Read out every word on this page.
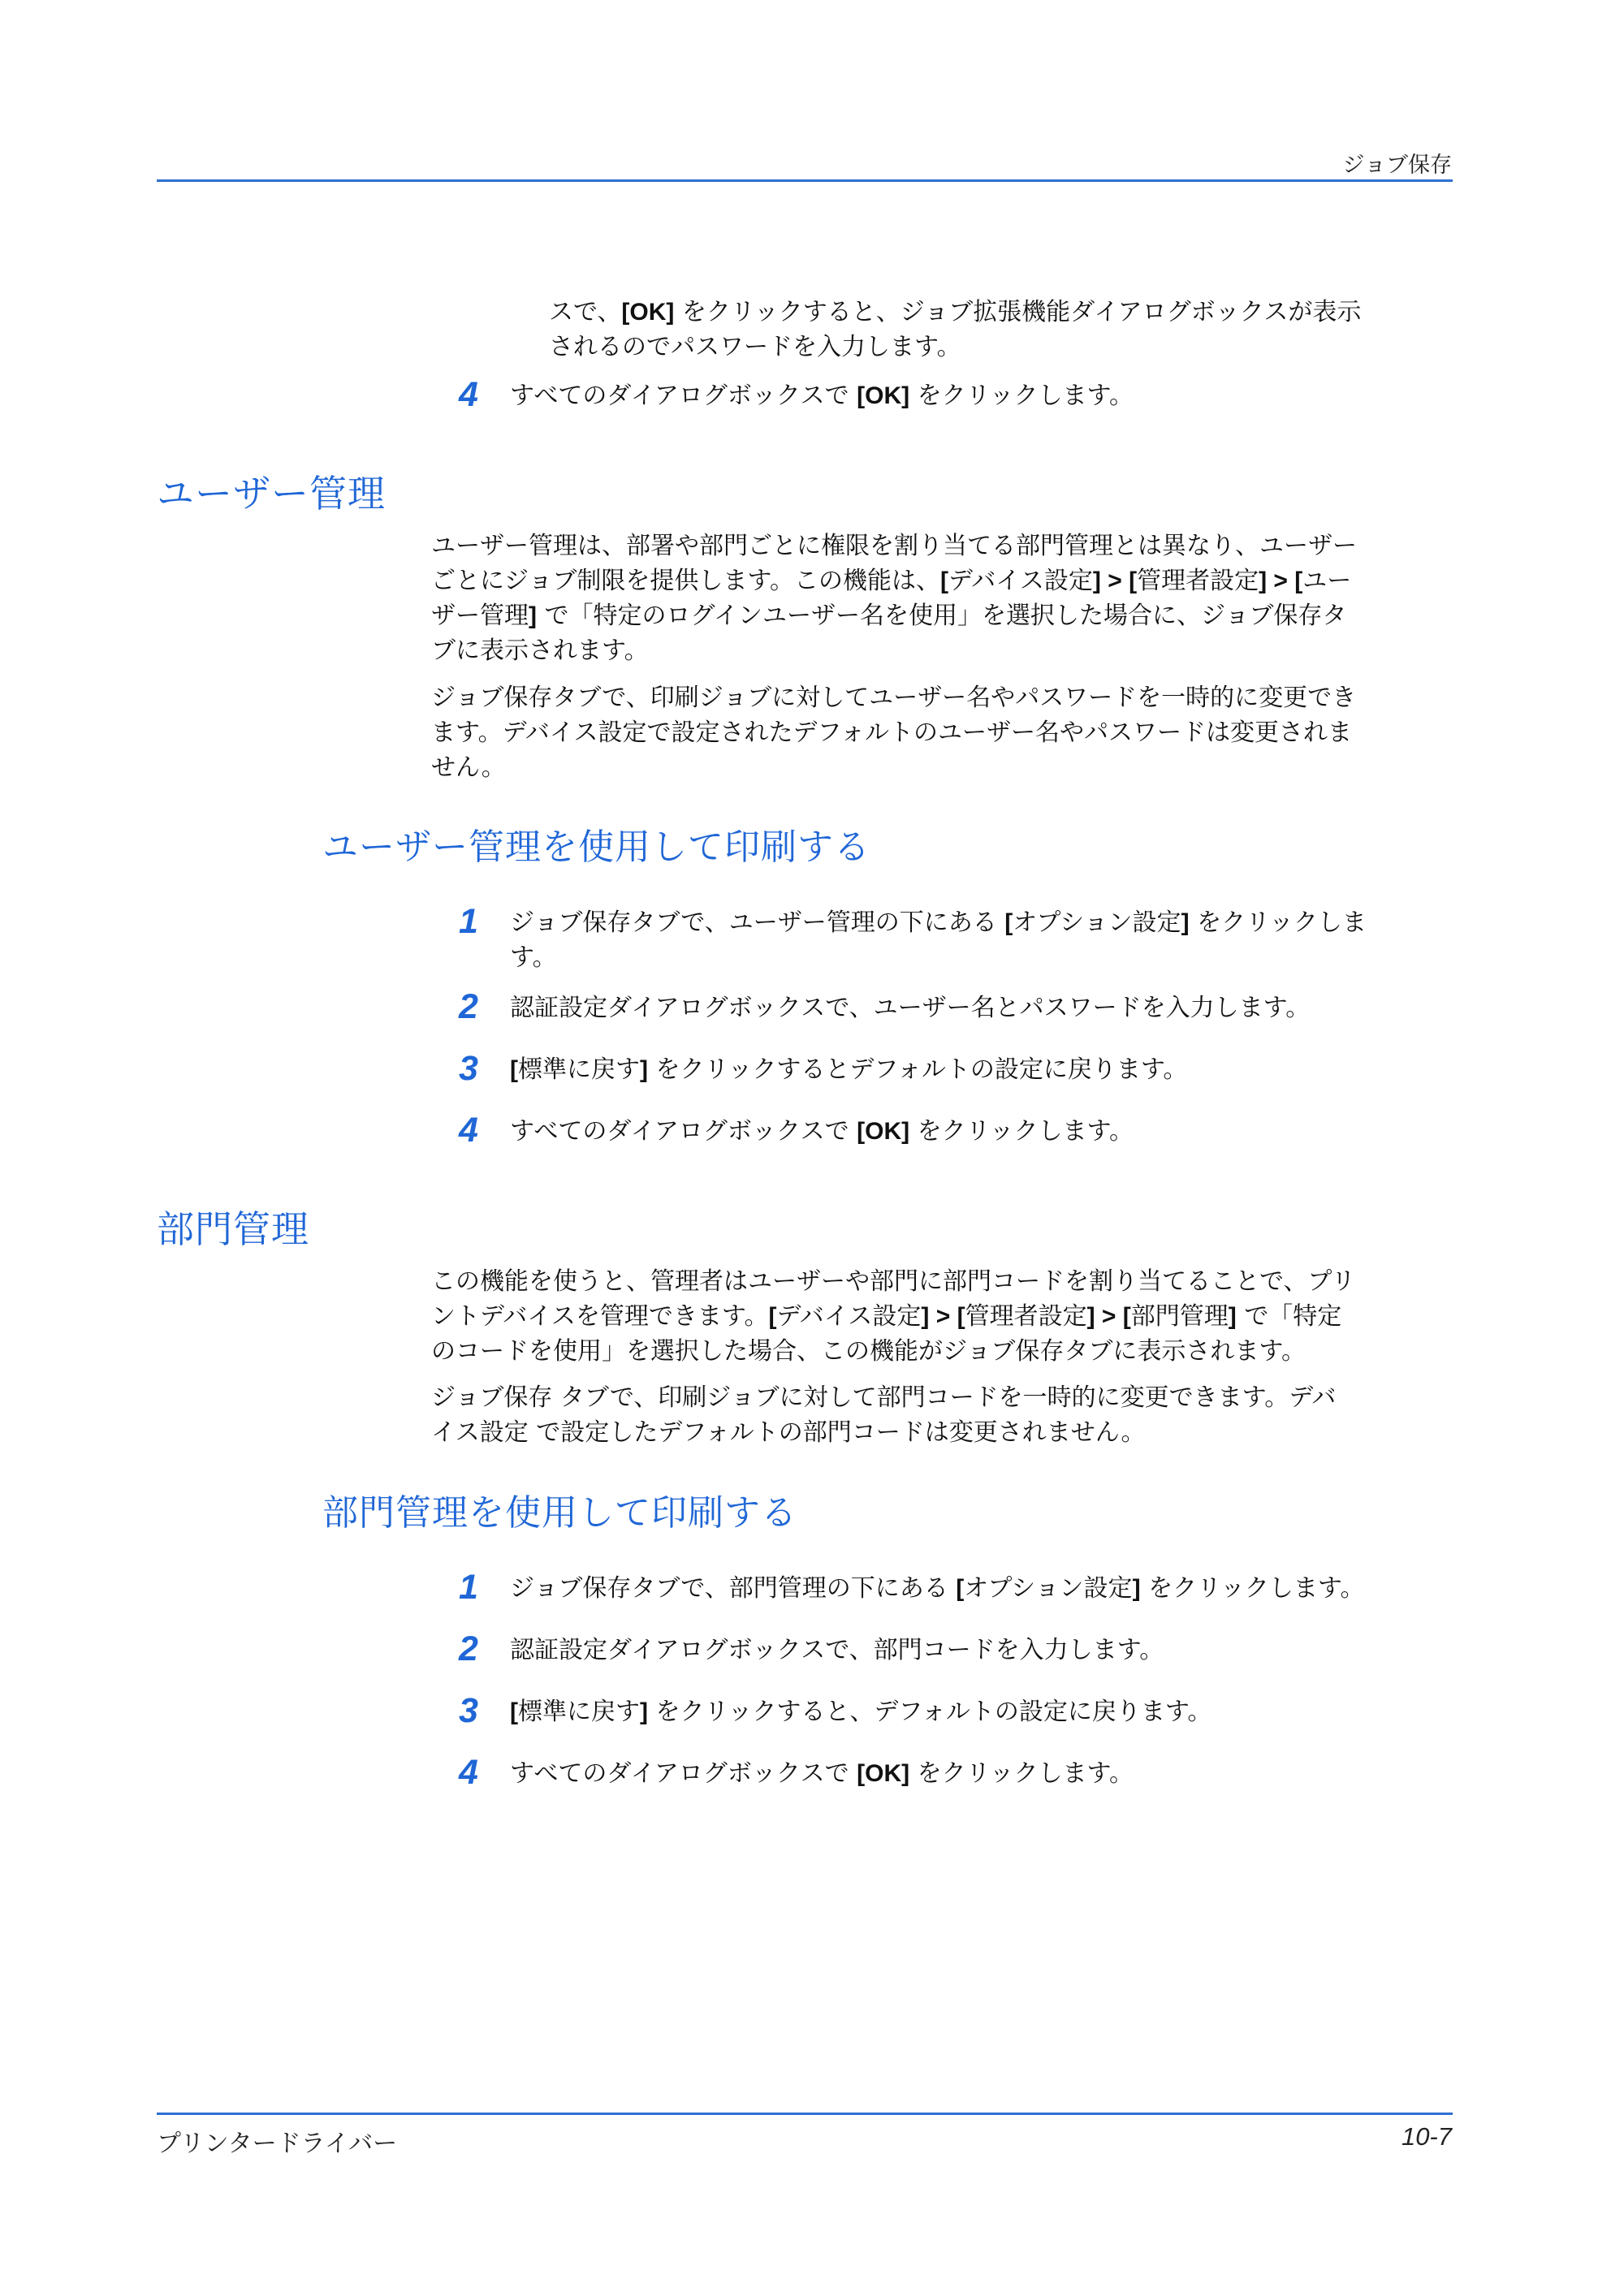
ジョブ保存
スで、[OK] をクリックすると、ジョブ拡張機能ダイアログボックスが表示
されるのでパスワードを入力します。
4	すべてのダイアログボックスで [OK] をクリックします。
ユーザー管理
ユーザー管理は、部署や部門ごとに権限を割り当てる部門管理とは異なり、ユーザー
ごとにジョブ制限を提供します。この機能は、[デバイス設定] > [管理者設定] > [ユー
ザー管理] で「特定のログインユーザー名を使用」を選択した場合に、ジョブ保存タ
ブに表示されます。
ジョブ保存タブで、印刷ジョブに対してユーザー名やパスワードを一時的に変更でき
ます。デバイス設定で設定されたデフォルトのユーザー名やパスワードは変更されま
せん。
ユーザー管理を使用して印刷する
1	ジョブ保存タブで、ユーザー管理の下にある [オプション設定] をクリックしま
す。
2	認証設定ダイアログボックスで、ユーザー名とパスワードを入力します。
3	[標準に戻す] をクリックするとデフォルトの設定に戻ります。
4	すべてのダイアログボックスで [OK] をクリックします。
部門管理
この機能を使うと、管理者はユーザーや部門に部門コードを割り当てることで、プリ
ントデバイスを管理できます。[デバイス設定] > [管理者設定] > [部門管理] で「特定
のコードを使用」を選択した場合、この機能がジョブ保存タブに表示されます。
ジョブ保存 タブで、印刷ジョブに対して部門コードを一時的に変更できます。デバ
イス設定 で設定したデフォルトの部門コードは変更されません。
部門管理を使用して印刷する
1	ジョブ保存タブで、部門管理の下にある [オプション設定] をクリックします。
2	認証設定ダイアログボックスで、部門コードを入力します。
3	[標準に戻す] をクリックすると、デフォルトの設定に戻ります。
4	すべてのダイアログボックスで [OK] をクリックします。
プリンタードライバー	10-7
